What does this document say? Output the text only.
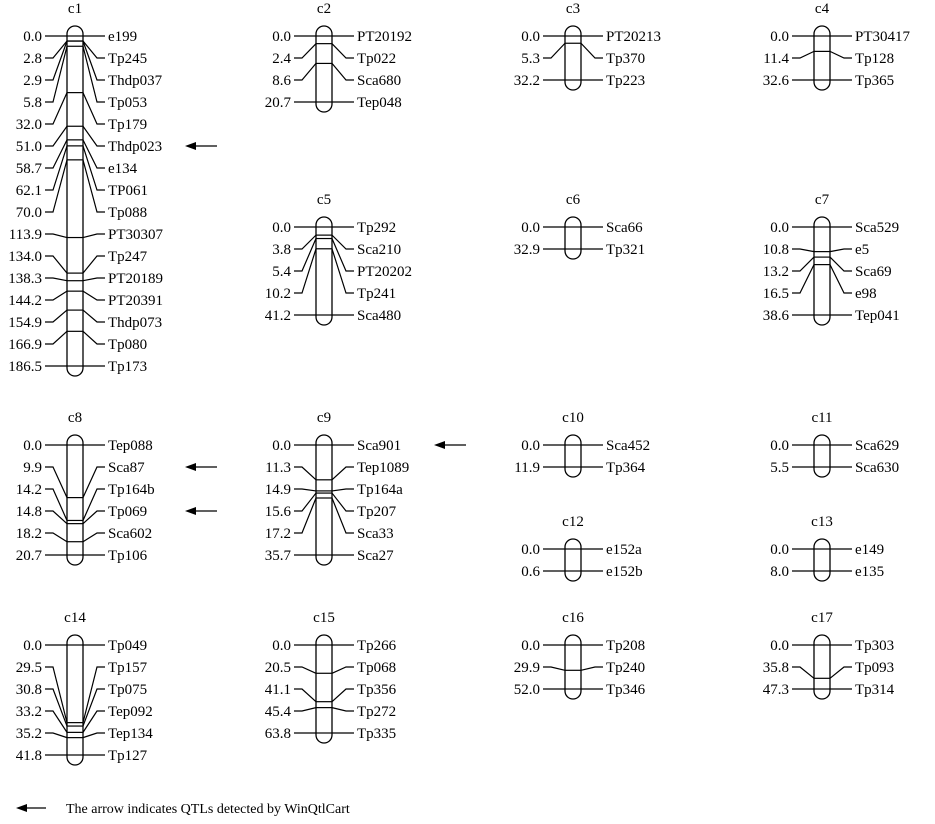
c1
0.0	e199
2.8	Tp245
2.9	Thdp037
5.8	Tp053
32.0	Tp179
51.0	Thdp023
58.7	e134
62.1	TP061
70.0	Tp088
113.9	PT30307
134.0	Tp247
138.3	PT20189
144.2	PT20391
154.9	Thdp073
166.9	Tp080
186.5	Tp173
c2
0.0	PT20192
2.4	Tp022
8.6	Sca680
20.7	Tep048
c3
0.0	PT20213
5.3	Tp370
32.2	Tp223
c4
0.0	PT30417
11.4	Tp128
32.6	Tp365
c5
0.0	Tp292
3.8	Sca210
5.4	PT20202
10.2	Tp241
41.2	Sca480
c6
0.0	Sca66
32.9	Tp321
c7
0.0	Sca529
10.8	e5
13.2	Sca69
16.5	e98
38.6	Tep041
c8
0.0	Tep088
9.9	Sca87
14.2	Tp164b
14.8	Tp069
18.2	Sca602
20.7	Tp106
c9
0.0	Sca901
11.3	Tep1089
14.9	Tp164a
15.6	Tp207
17.2	Sca33
35.7	Sca27
c10
0.0	Sca452
11.9	Tp364
c11
0.0	Sca629
5.5	Sca630
c12
0.0	e152a
0.6	e152b
c13
0.0	e149
8.0	e135
c14
0.0	Tp049
29.5	Tp157
30.8	Tp075
33.2	Tep092
35.2	Tep134
41.8	Tp127
c15
0.0	Tp266
20.5	Tp068
41.1	Tp356
45.4	Tp272
63.8	Tp335
c16
0.0	Tp208
29.9	Tp240
52.0	Tp346
c17
0.0	Tp303
35.8	Tp093
47.3	Tp314
The arrow indicates QTLs detected by WinQtlCart
